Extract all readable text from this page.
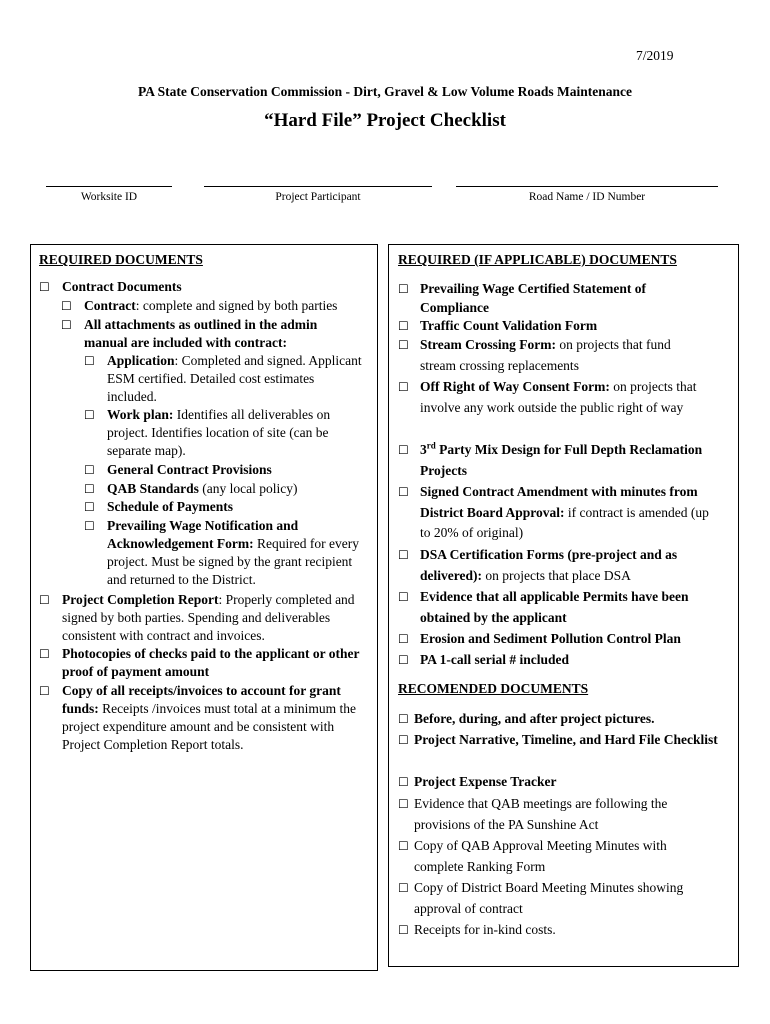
7/2019
PA State Conservation Commission - Dirt, Gravel & Low Volume Roads Maintenance
“Hard File” Project Checklist
Worksite ID	Project Participant	Road Name / ID Number
REQUIRED DOCUMENTS
☐ Contract Documents
☐ Contract: complete and signed by both parties
☐ All attachments as outlined in the admin manual are included with contract:
☐ Application: Completed and signed. Applicant ESM certified. Detailed cost estimates included.
☐ Work plan: Identifies all deliverables on project. Identifies location of site (can be separate map).
☐ General Contract Provisions
☐ QAB Standards (any local policy)
☐ Schedule of Payments
☐ Prevailing Wage Notification and Acknowledgement Form: Required for every project. Must be signed by the grant recipient and returned to the District.
☐ Project Completion Report: Properly completed and signed by both parties. Spending and deliverables consistent with contract and invoices.
☐ Photocopies of checks paid to the applicant or other proof of payment amount
☐ Copy of all receipts/invoices to account for grant funds: Receipts /invoices must total at a minimum the project expenditure amount and be consistent with Project Completion Report totals.
REQUIRED (IF APPLICABLE) DOCUMENTS
☐ Prevailing Wage Certified Statement of Compliance
☐ Traffic Count Validation Form
☐ Stream Crossing Form: on projects that fund stream crossing replacements
☐ Off Right of Way Consent Form: on projects that involve any work outside the public right of way
☐ 3rd Party Mix Design for Full Depth Reclamation Projects
☐ Signed Contract Amendment with minutes from District Board Approval: if contract is amended (up to 20% of original)
☐ DSA Certification Forms (pre-project and as delivered): on projects that place DSA
☐ Evidence that all applicable Permits have been obtained by the applicant
☐ Erosion and Sediment Pollution Control Plan
☐ PA 1-call serial # included
RECOMENDED DOCUMENTS
☐ Before, during, and after project pictures.
☐ Project Narrative, Timeline, and Hard File Checklist
☐ Project Expense Tracker
☐ Evidence that QAB meetings are following the provisions of the PA Sunshine Act
☐ Copy of QAB Approval Meeting Minutes with complete Ranking Form
☐ Copy of District Board Meeting Minutes showing approval of contract
☐ Receipts for in-kind costs.
